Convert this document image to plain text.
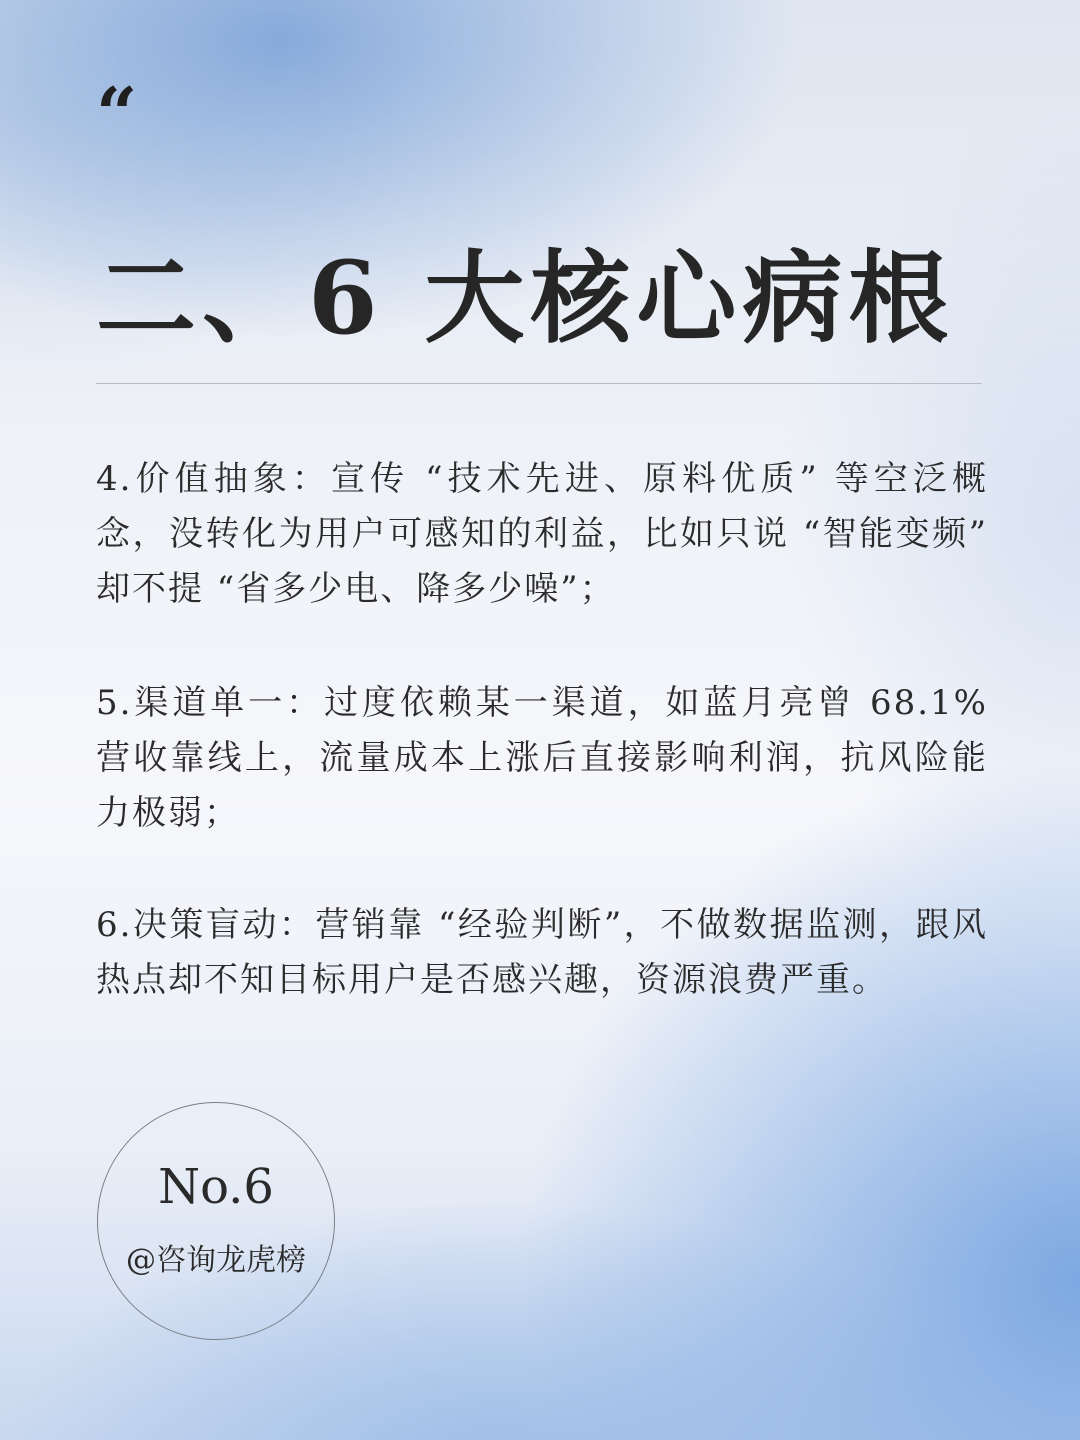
“
二、6 大核心病根

4.价值抽象：宣传 “技术先进、原料优质” 等空泛概念，没转化为用户可感知的利益，比如只说 “智能变频” 却不提 “省多少电、降多少噪”；

5.渠道单一：过度依赖某一渠道，如蓝月亮曾 68.1% 营收靠线上，流量成本上涨后直接影响利润，抗风险能力极弱；

6.决策盲动：营销靠 “经验判断”，不做数据监测，跟风热点却不知目标用户是否感兴趣，资源浪费严重。

No.6
@咨询龙虎榜
